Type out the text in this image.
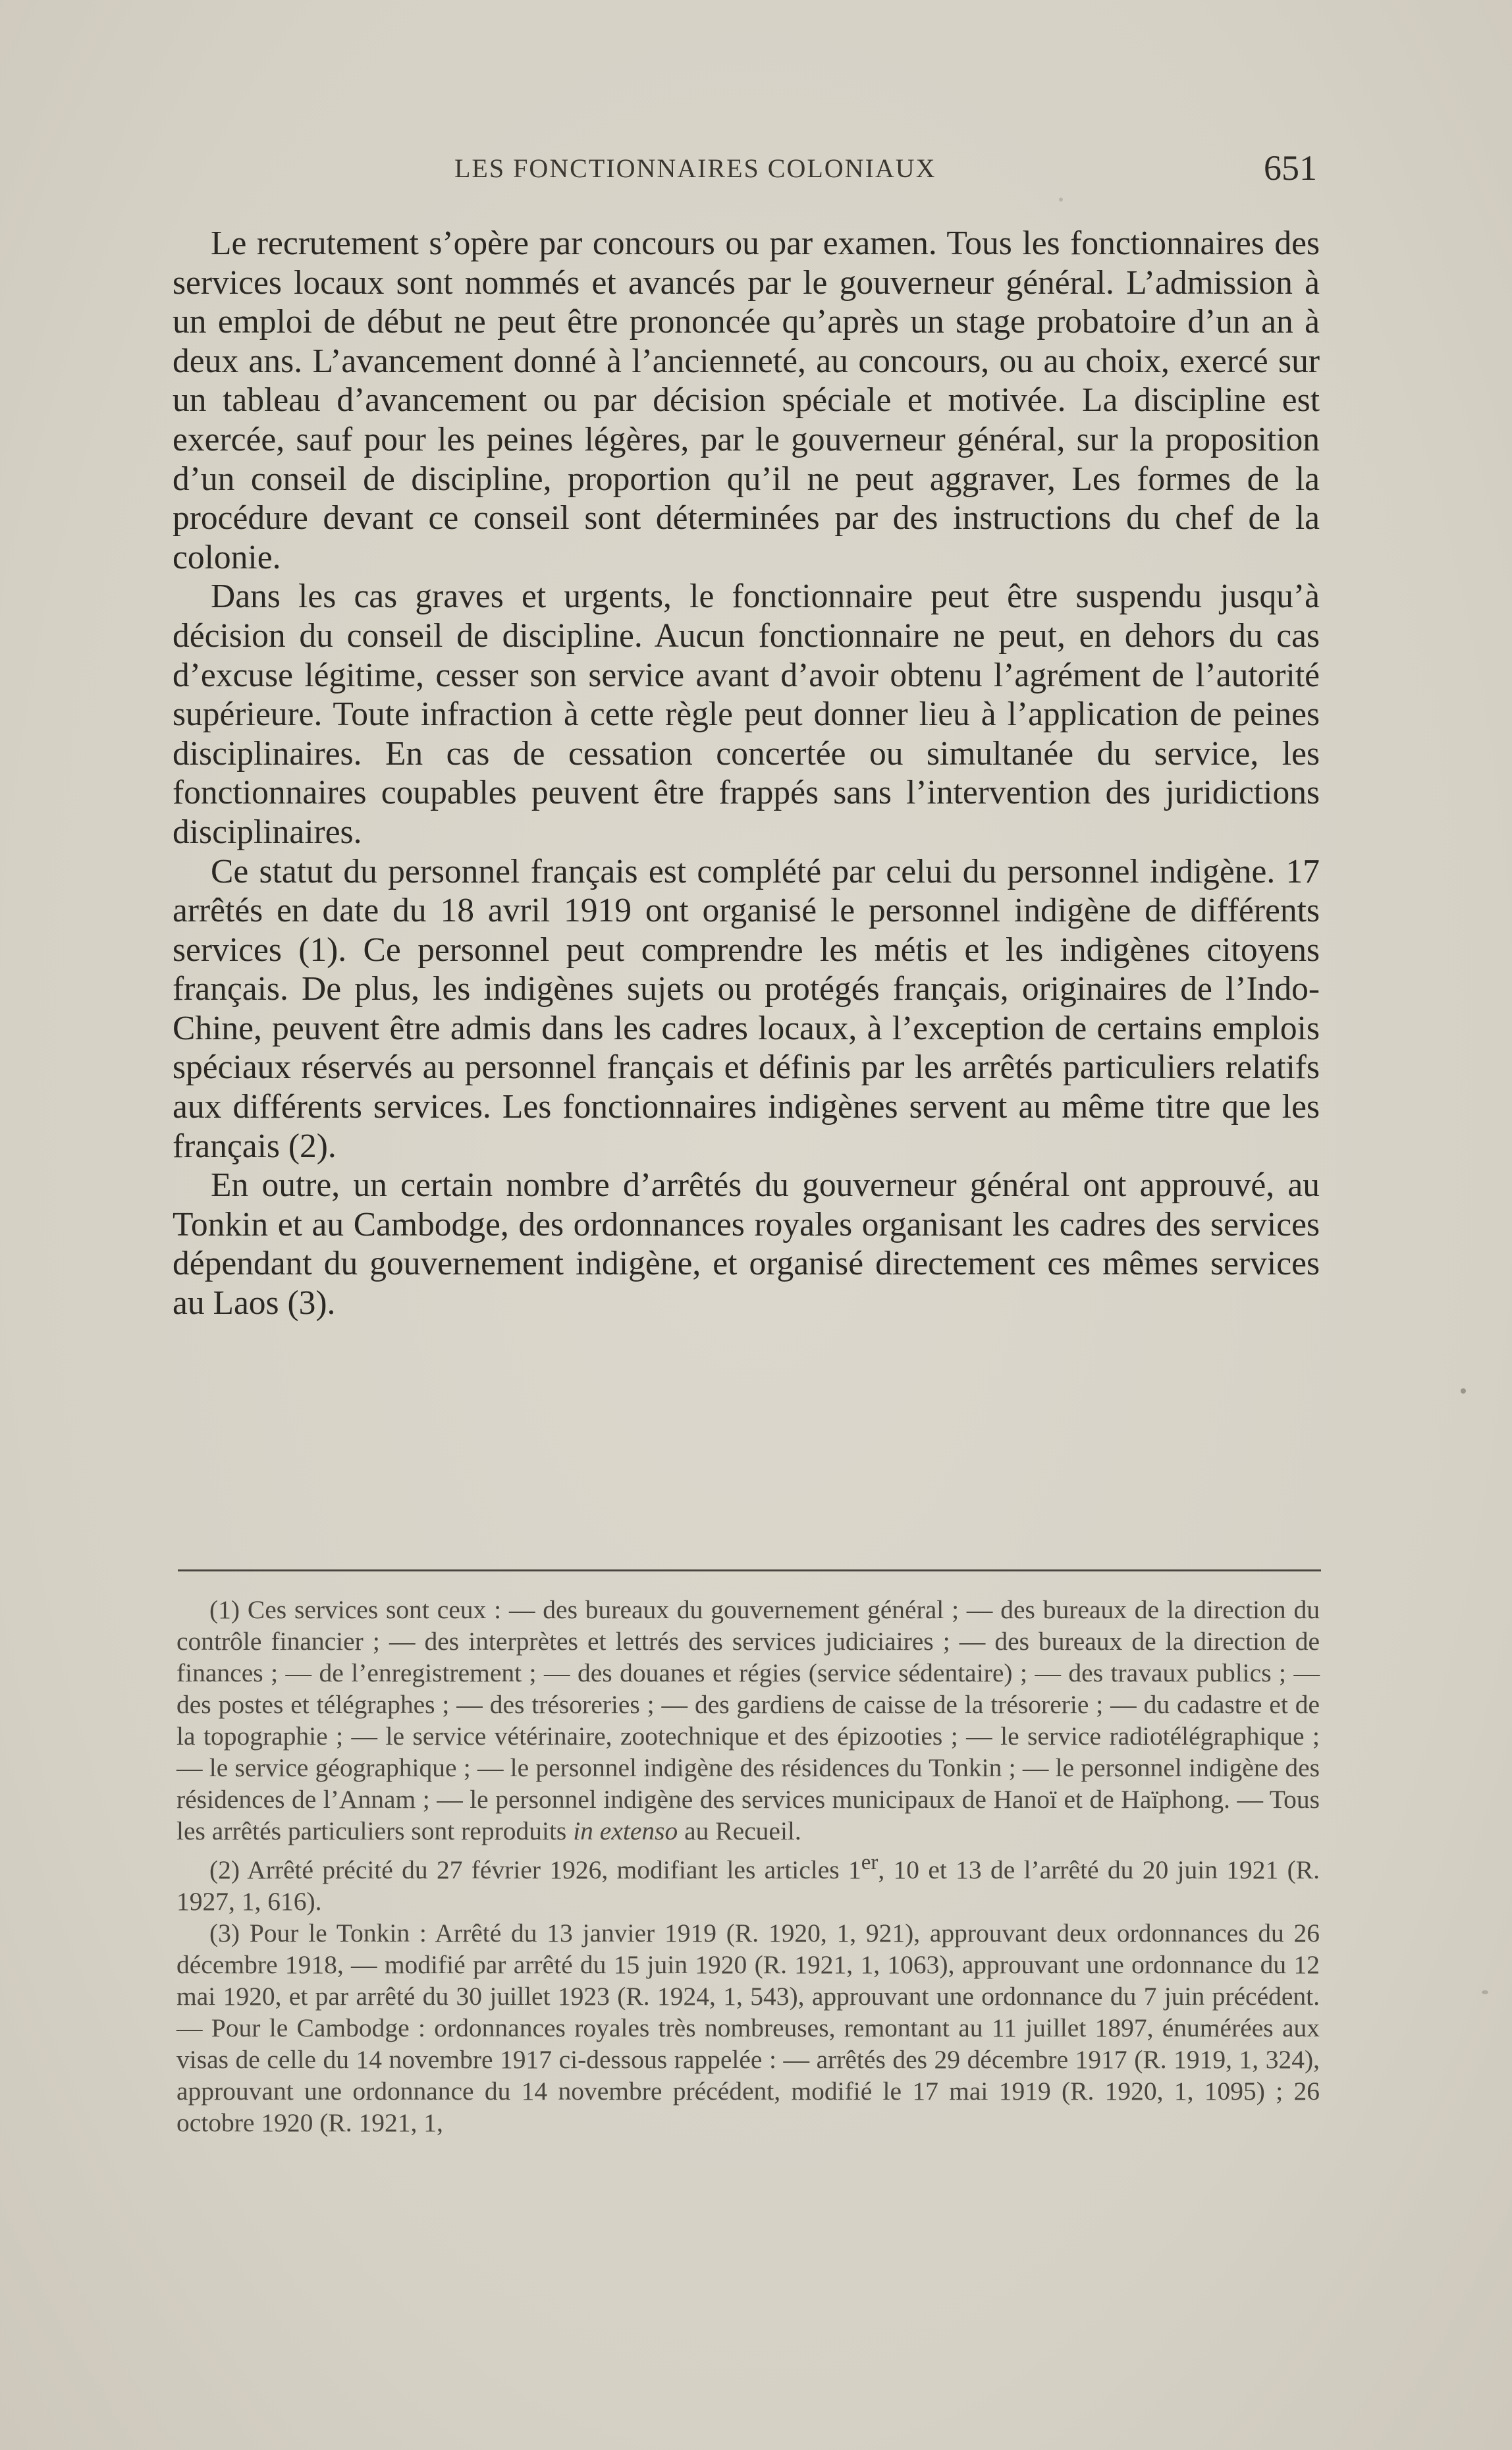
LES FONCTIONNAIRES COLONIAUX	651

Le recrutement s’opère par concours ou par examen. Tous les fonctionnaires des services locaux sont nommés et avancés par le gouverneur général. L’admission à un emploi de début ne peut être prononcée qu’après un stage probatoire d’un an à deux ans. L’avancement donné à l’ancienneté, au concours, ou au choix, exercé sur un tableau d’avancement ou par décision spéciale et motivée. La discipline est exercée, sauf pour les peines légères, par le gouverneur général, sur la proposition d’un conseil de discipline, proportion qu’il ne peut aggraver, Les formes de la procédure devant ce conseil sont déterminées par des instructions du chef de la colonie.

Dans les cas graves et urgents, le fonctionnaire peut être suspendu jusqu’à décision du conseil de discipline. Aucun fonctionnaire ne peut, en dehors du cas d’excuse légitime, cesser son service avant d’avoir obtenu l’agrément de l’autorité supérieure. Toute infraction à cette règle peut donner lieu à l’application de peines disciplinaires. En cas de cessation concertée ou simultanée du service, les fonctionnaires coupables peuvent être frappés sans l’intervention des juridictions disciplinaires.

Ce statut du personnel français est complété par celui du personnel indigène. 17 arrêtés en date du 18 avril 1919 ont organisé le personnel indigène de différents services (1). Ce personnel peut comprendre les métis et les indigènes citoyens français. De plus, les indigènes sujets ou protégés français, originaires de l’Indo-Chine, peuvent être admis dans les cadres locaux, à l’exception de certains emplois spéciaux réservés au personnel français et définis par les arrêtés particuliers relatifs aux différents services. Les fonctionnaires indigènes servent au même titre que les français (2).

En outre, un certain nombre d’arrêtés du gouverneur général ont approuvé, au Tonkin et au Cambodge, des ordonnances royales organisant les cadres des services dépendant du gouvernement indigène, et organisé directement ces mêmes services au Laos (3).

(1) Ces services sont ceux : — des bureaux du gouvernement général ; — des bureaux de la direction du contrôle financier ; — des interprètes et lettrés des services judiciaires ; — des bureaux de la direction de finances ; — de l’enregistrement ; — des douanes et régies (service sédentaire) ; — des travaux publics ; — des postes et télégraphes ; — des trésoreries ; — des gardiens de caisse de la trésorerie ; — du cadastre et de la topographie ; — le service vétérinaire, zootechnique et des épizooties ; — le service radiotélégraphique ; — le service géographique ; — le personnel indigène des résidences du Tonkin ; — le personnel indigène des résidences de l’Annam ; — le personnel indigène des services municipaux de Hanoï et de Haïphong. — Tous les arrêtés particuliers sont reproduits in extenso au Recueil.

(2) Arrêté précité du 27 février 1926, modifiant les articles 1er, 10 et 13 de l’arrêté du 20 juin 1921 (R. 1927, 1, 616).

(3) Pour le Tonkin : Arrêté du 13 janvier 1919 (R. 1920, 1, 921), approuvant deux ordonnances du 26 décembre 1918, — modifié par arrêté du 15 juin 1920 (R. 1921, 1, 1063), approuvant une ordonnance du 12 mai 1920, et par arrêté du 30 juillet 1923 (R. 1924, 1, 543), approuvant une ordonnance du 7 juin précédent. — Pour le Cambodge : ordonnances royales très nombreuses, remontant au 11 juillet 1897, énumérées aux visas de celle du 14 novembre 1917 ci-dessous rappelée : — arrêtés des 29 décembre 1917 (R. 1919, 1, 324), approuvant une ordonnance du 14 novembre précédent, modifié le 17 mai 1919 (R. 1920, 1, 1095) ; 26 octobre 1920 (R. 1921, 1,
